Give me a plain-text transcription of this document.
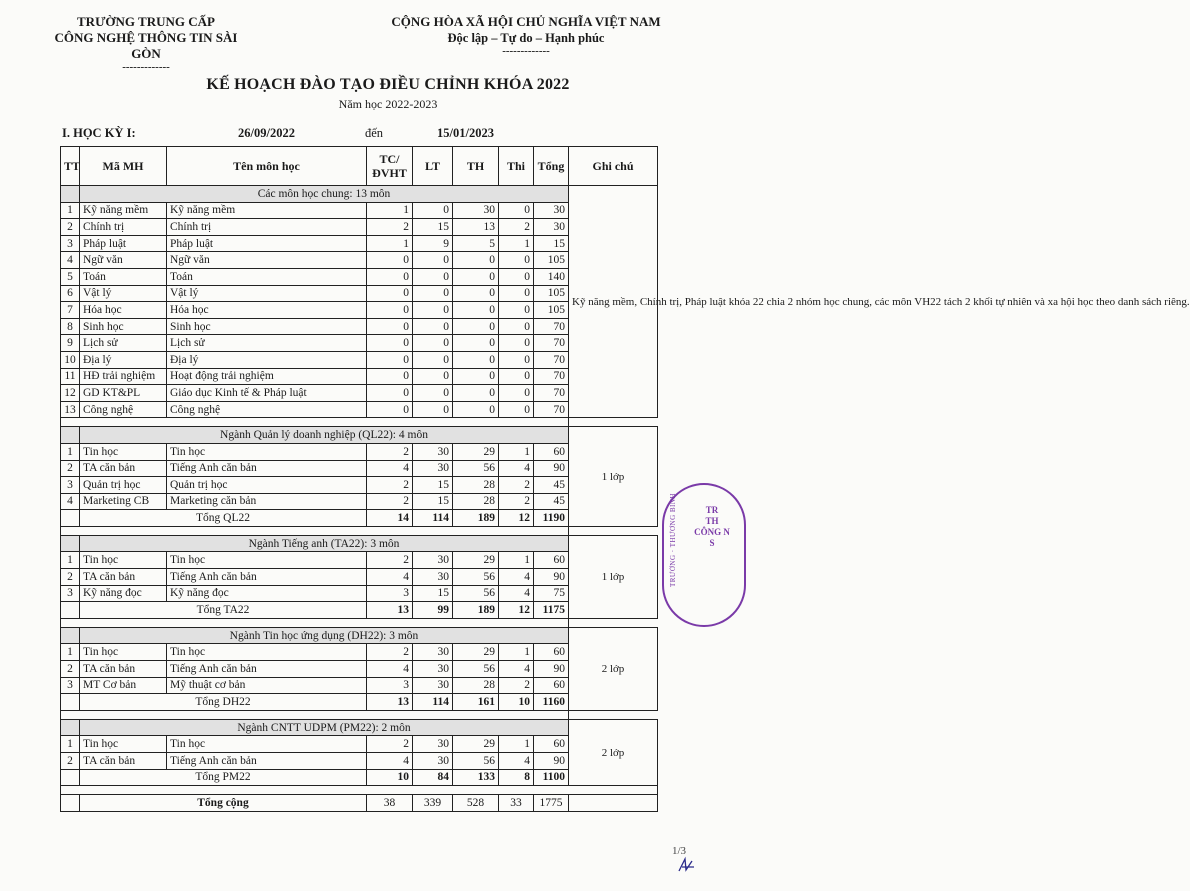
TRƯỜNG TRUNG CẤP
CÔNG NGHỆ THÔNG TIN SÀI GÒN
-------------
CỘNG HÒA XÃ HỘI CHỦ NGHĨA VIỆT NAM
Độc lập – Tự do – Hạnh phúc
-------------
KẾ HOẠCH ĐÀO TẠO ĐIỀU CHỈNH KHÓA 2022
Năm học 2022-2023
I. HỌC KỲ I:	26/09/2022	đến	15/01/2023
TT	Mã MH	Tên môn học	TC/ ĐVHT	LT	TH	Thi	Tổng	Ghi chú
	Các môn học chung: 13 môn							Kỹ năng mềm, Chính trị, Pháp luật khóa 22 chia 2 nhóm học chung, các môn VH22 tách 2 khối tự nhiên và xa hội học theo danh sách riêng.
1	Kỹ năng mềm	Kỹ năng mềm	1	0	30	0	30	
2	Chính trị	Chính trị	2	15	13	2	30	
3	Pháp luật	Pháp luật	1	9	5	1	15	
4	Ngữ văn	Ngữ văn	0	0	0	0	105	
5	Toán	Toán	0	0	0	0	140	
6	Vật lý	Vật lý	0	0	0	0	105	
7	Hóa học	Hóa học	0	0	0	0	105	
8	Sinh học	Sinh học	0	0	0	0	70	
9	Lịch sử	Lịch sử	0	0	0	0	70	
10	Địa lý	Địa lý	0	0	0	0	70	
11	HĐ trải nghiệm	Hoạt động trải nghiệm	0	0	0	0	70	
12	GD KT&PL	Giáo dục Kinh tế & Pháp luật	0	0	0	0	70	
13	Công nghệ	Công nghệ	0	0	0	0	70	

	Ngành Quản lý doanh nghiệp (QL22): 4 môn							1 lớp
1	Tin học	Tin học	2	30	29	1	60	
2	TA căn bản	Tiếng Anh căn bản	4	30	56	4	90	
3	Quản trị học	Quản trị học	2	15	28	2	45	
4	Marketing CB	Marketing căn bản	2	15	28	2	45	
	Tổng QL22		14	114	189	12	1190	

	Ngành Tiếng anh (TA22): 3 môn							1 lớp
1	Tin học	Tin học	2	30	29	1	60	
2	TA căn bản	Tiếng Anh căn bản	4	30	56	4	90	
3	Kỹ năng đọc	Kỹ năng đọc	3	15	56	4	75	
	Tổng TA22		13	99	189	12	1175	

	Ngành Tin học ứng dụng (DH22): 3 môn							2 lớp
1	Tin học	Tin học	2	30	29	1	60	
2	TA căn bản	Tiếng Anh căn bản	4	30	56	4	90	
3	MT Cơ bản	Mỹ thuật cơ bản	3	30	28	2	60	
	Tổng DH22		13	114	161	10	1160	

	Ngành CNTT UDPM (PM22): 2 môn							2 lớp
1	Tin học	Tin học	2	30	29	1	60	
2	TA căn bản	Tiếng Anh căn bản	4	30	56	4	90	
	Tổng PM22		10	84	133	8	1100	

	Tổng cộng		38	339	528	33	1775	
TRƯỜNG · THƯƠNG BINH	TR
TH
CÔNG N
S
1/3
